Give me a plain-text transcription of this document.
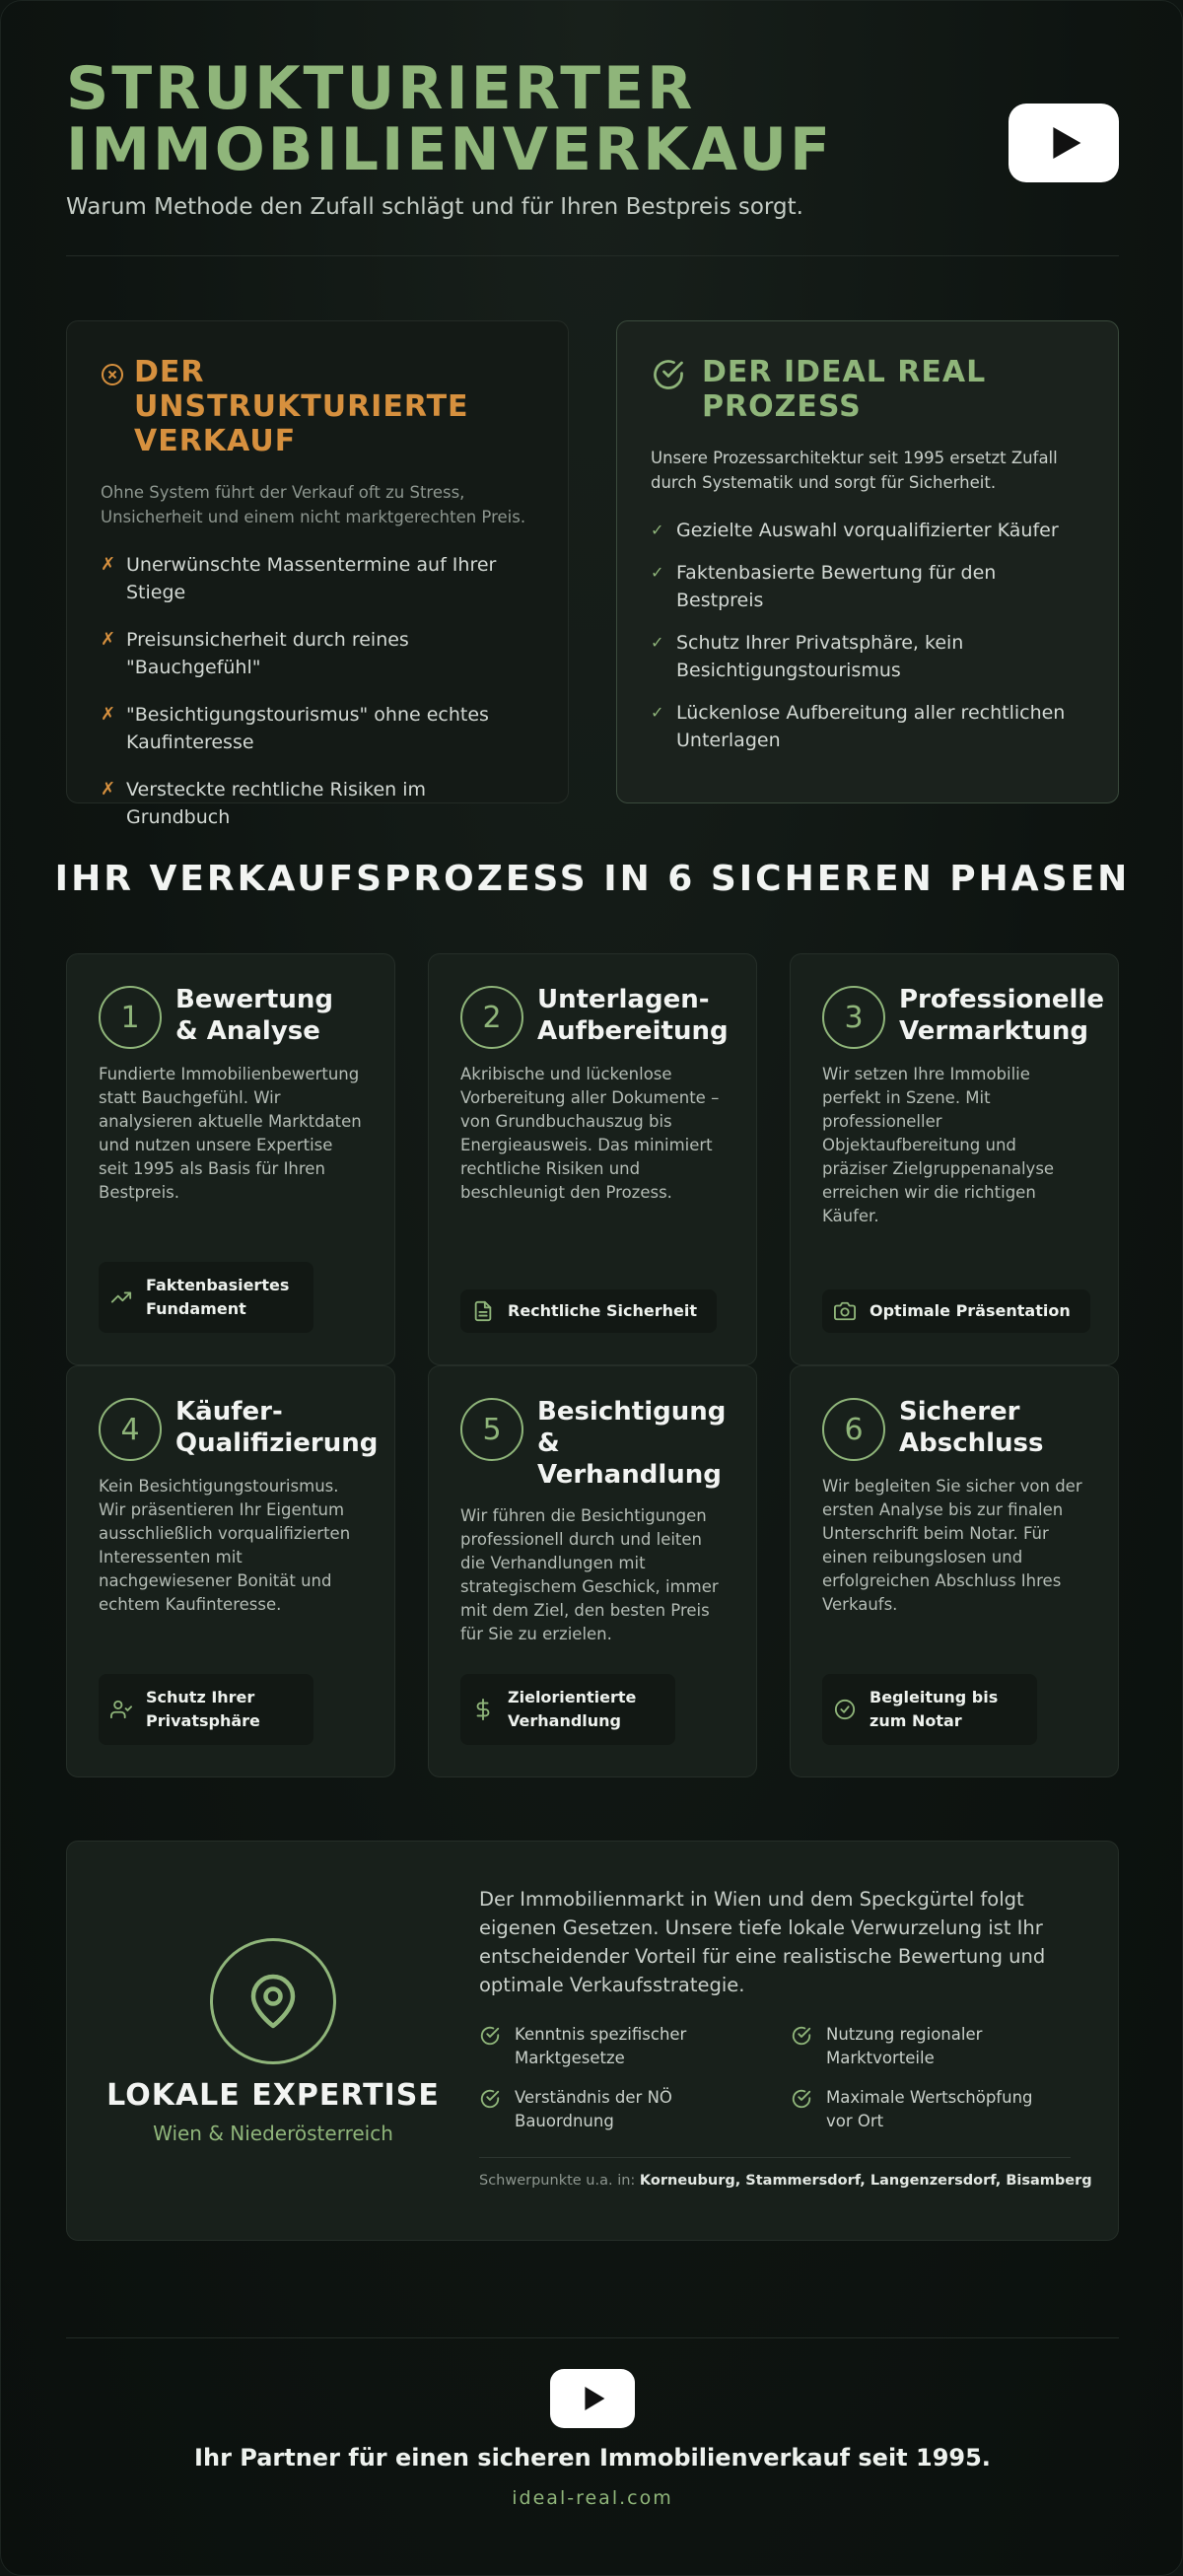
STRUKTURIERTER IMMOBILIENVERKAUF

Warum Methode den Zufall schlägt und für Ihren Bestpreis sorgt.

DER UNSTRUKTURIERTE VERKAUF

Ohne System führt der Verkauf oft zu Stress, Unsicherheit und einem nicht marktgerechten Preis.

✗ Unerwünschte Massentermine auf Ihrer Stiege
✗ Preisunsicherheit durch reines "Bauchgefühl"
✗ "Besichtigungstourismus" ohne echtes Kaufinteresse
✗ Versteckte rechtliche Risiken im Grundbuch
DER IDEAL REAL PROZESS

Unsere Prozessarchitektur seit 1995 ersetzt Zufall durch Systematik und sorgt für Sicherheit.

✓ Gezielte Auswahl vorqualifizierter Käufer
✓ Faktenbasierte Bewertung für den Bestpreis
✓ Schutz Ihrer Privatsphäre, kein Besichtigungstourismus
✓ Lückenlose Aufbereitung aller rechtlichen Unterlagen
IHR VERKAUFSPROZESS IN 6 SICHEREN PHASEN
1
Bewertung & Analyse

Fundierte Immobilienbewertung statt Bauchgefühl. Wir analysieren aktuelle Marktdaten und nutzen unsere Expertise seit 1995 als Basis für Ihren Bestpreis.

Faktenbasiertes Fundament
2
Unterlagen-Aufbereitung

Akribische und lückenlose Vorbereitung aller Dokumente – von Grundbuchauszug bis Energieausweis. Das minimiert rechtliche Risiken und beschleunigt den Prozess.

Rechtliche Sicherheit
3
Professionelle Vermarktung

Wir setzen Ihre Immobilie perfekt in Szene. Mit professioneller Objektaufbereitung und präziser Zielgruppenanalyse erreichen wir die richtigen Käufer.

Optimale Präsentation
4
Käufer-Qualifizierung

Kein Besichtigungstourismus. Wir präsentieren Ihr Eigentum ausschließlich vorqualifizierten Interessenten mit nachgewiesener Bonität und echtem Kaufinteresse.

Schutz Ihrer Privatsphäre
5
Besichtigung & Verhandlung

Wir führen die Besichtigungen professionell durch und leiten die Verhandlungen mit strategischem Geschick, immer mit dem Ziel, den besten Preis für Sie zu erzielen.

Zielorientierte Verhandlung
6
Sicherer Abschluss

Wir begleiten Sie sicher von der ersten Analyse bis zur finalen Unterschrift beim Notar. Für einen reibungslosen und erfolgreichen Abschluss Ihres Verkaufs.

Begleitung bis zum Notar
LOKALE EXPERTISE
Wien & Niederösterreich

Der Immobilienmarkt in Wien und dem Speckgürtel folgt eigenen Gesetzen. Unsere tiefe lokale Verwurzelung ist Ihr entscheidender Vorteil für eine realistische Bewertung und optimale Verkaufsstrategie.

Kenntnis spezifischer Marktgesetze
Nutzung regionaler Marktvorteile
Verständnis der NÖ Bauordnung
Maximale Wertschöpfung vor Ort
Schwerpunkte u.a. in: Korneuburg, Stammersdorf, Langenzersdorf, Bisamberg
Ihr Partner für einen sicheren Immobilienverkauf seit 1995.
ideal-real.com
